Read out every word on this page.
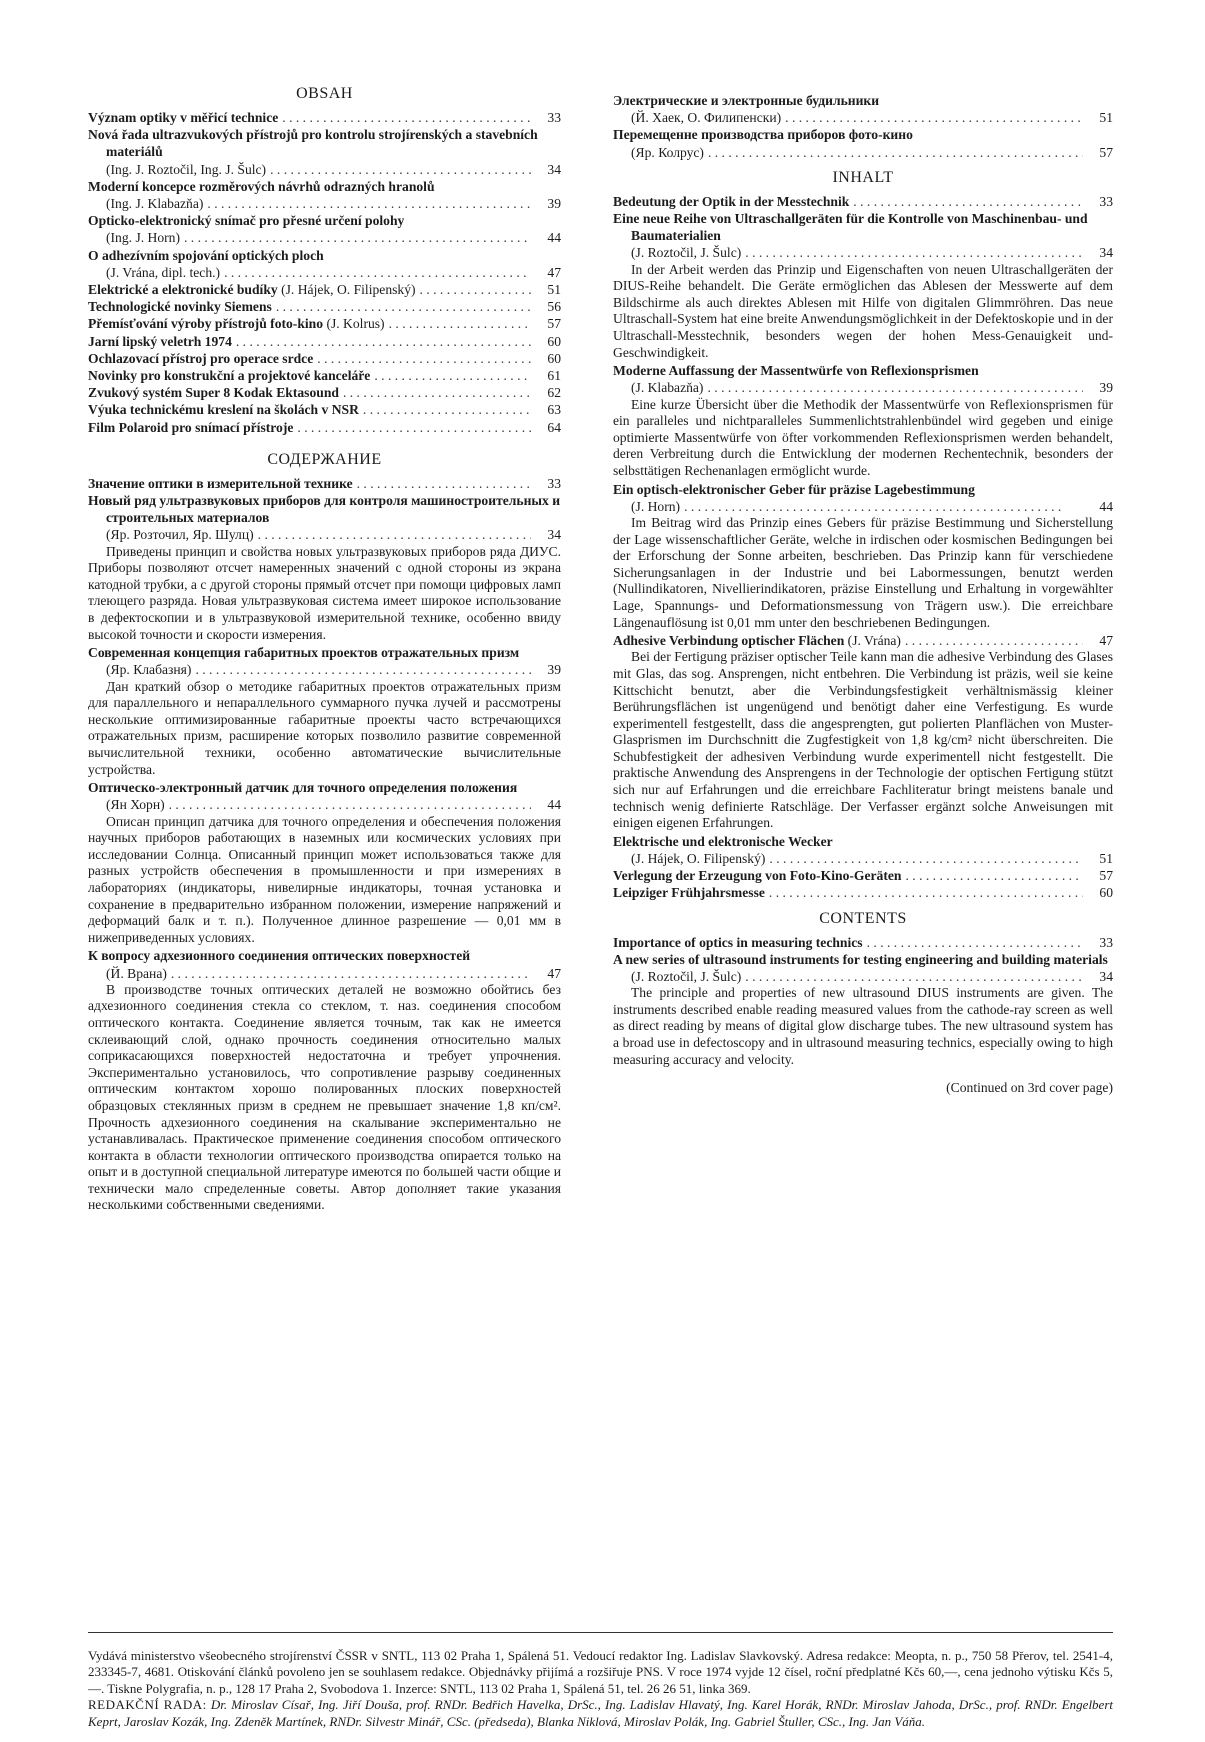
OBSAH
Význam optiky v měřicí technice . . .	33
Nová řada ultrazvukových přístrojů pro kontrolu strojírenských a stavebních materiálů
(Ing. J. Roztočil, Ing. J. Šulc) . . .	34
Moderní koncepce rozměrových návrhů odrazných hranolů
(Ing. J. Klabazňa) . . .	39
Opticko-elektronický snímač pro přesné určení polohy
(Ing. J. Horn) . . .	44
O adhezívním spojování optických ploch
(J. Vrána, dipl. tech.) . . .	47
Elektrické a elektronické budíky (J. Hájek, O. Filipenský) . . .	51
Technologické novinky Siemens . . .	56
Přemísťování výroby přístrojů foto-kino (J. Kolrus) . . .	57
Jarní lipský veletrh 1974 . . .	60
Ochlazovací přístroj pro operace srdce . . .	60
Novinky pro konstrukční a projektové kanceláře . . .	61
Zvukový systém Super 8 Kodak Ektasound . . .	62
Výuka technickému kreslení na školách v NSR . . .	63
Film Polaroid pro snímací přístroje . . .	64
СОДЕРЖАНИЕ
Значение оптики в измерительной технике . . .	33
Новый ряд ультразвуковых приборов для контроля машиностроительных и строительных материалов
(Яр. Розточил, Яр. Шулц) . . .	34

Приведены принцип и свойства новых ультразвуковых приборов ряда ДИУС. Приборы позволяют отсчет намеренных значений с одной стороны из экрана катодной трубки, а с другой стороны прямый отсчет при помощи цифровых ламп тлеющего разряда. Новая ультразвуковая система имеет широкое использование в дефектоскопии и в ультразвуковой измерительной технике, особенно ввиду высокой точности и скорости измерения.

Современная концепция габаритных проектов отражательных призм
(Яр. Клабазня) . . .	39

Дан краткий обзор о методике габаритных проектов отражательных призм для параллельного и непараллельного суммарного пучка лучей и рассмотрены несколькие оптимизированные габаритные проекты часто встречающихся отражательных призм, расширение которых позволило развитие современной вычислительной техники, особенно автоматические вычислительные устройства.

Оптическо-электронный датчик для точного определения положения
(Ян Хорн) . . .	44

Описан принцип датчика для точного определения и обеспечения положения научных приборов работающих в наземных или космических условиях при исследовании Солнца. Описанный принцип может использоваться также для разных устройств обеспечения в промышленности и при измерениях в лабораториях (индикаторы, нивелирные индикаторы, точная установка и сохранение в предварительно избранном положении, измерение напряжений и деформаций балк и т. п.). Полученное длинное разрешение — 0,01 мм в нижеприведенных условиях.

К вопросу адхезионного соединения оптических поверхностей
(Й. Врана) . . .	47

В производстве точных оптических деталей не возможно обойтись без адхезионного соединения стекла со стеклом, т. наз. соединения способом оптического контакта. Соединение является точным, так как не имеется склеивающий слой, однако прочность соединения относительно малых соприкасающихся поверхностей недостаточна и требует упрочнения. Экспериментально установилось, что сопротивление разрыву соединенных оптическим контактом хорошо полированных плоских поверхностей образцовых стеклянных призм в среднем не превышает значение 1,8 кп/см². Прочность адхезионного соединения на скалывание экспериментально не устанавливалась. Практическое применение соединения способом оптического контакта в области технологии оптического производства опирается только на опыт и в доступной специальной литературе имеются по большей части общие и технически мало спределенные советы. Автор дополняет такие указания несколькими собственными сведениями.

Электрические и электронные будильники
(Й. Хаек, О. Филипенски) . . .	51
Перемещенне производства приборов фото-кино
(Яр. Колрус) . . .	57
INHALT
Bedeutung der Optik in der Messtechnik . . .	33
Eine neue Reihe von Ultraschallgeräten für die Kontrolle von Maschinenbau- und Baumaterialien
(J. Roztočil, J. Šulc) . . .	34

In der Arbeit werden das Prinzip und Eigenschaften von neuen Ultraschallgeräten der DIUS-Reihe behandelt. Die Geräte ermöglichen das Ablesen der Messwerte auf dem Bildschirme als auch direktes Ablesen mit Hilfe von digitalen Glimmröhren. Das neue Ultraschall-System hat eine breite Anwendungsmöglichkeit in der Defektoskopie und in der Ultraschall-Messtechnik, besonders wegen der hohen Mess-Genauigkeit und- Geschwindigkeit.

Moderne Auffassung der Massentwürfe von Reflexionsprismen
(J. Klabazňa) . . .	39

Eine kurze Übersicht über die Methodik der Massentwürfe von Reflexionsprismen für ein paralleles und nichtparalleles Summenlichtstrahlenbündel wird gegeben und einige optimierte Massentwürfe von öfter vorkommenden Reflexionsprismen werden behandelt, deren Verbreitung durch die Entwicklung der modernen Rechentechnik, besonders der selbsttätigen Rechenanlagen ermöglicht wurde.

Ein optisch-elektronischer Geber für präzise Lagebestimmung
(J. Horn) . . .	44

Im Beitrag wird das Prinzip eines Gebers für präzise Bestimmung und Sicherstellung der Lage wissenschaftlicher Geräte, welche in irdischen oder kosmischen Bedingungen bei der Erforschung der Sonne arbeiten, beschrieben. Das Prinzip kann für verschiedene Sicherungsanlagen in der Industrie und bei Labormessungen, benutzt werden (Nullindikatoren, Nivellierindikatoren, präzise Einstellung und Erhaltung in vorgewählter Lage, Spannungs- und Deformationsmessung von Trägern usw.). Die erreichbare Längenauflösung ist 0,01 mm unter den beschriebenen Bedingungen.

Adhesive Verbindung optischer Flächen (J. Vrána) . . .	47

Bei der Fertigung präziser optischer Teile kann man die adhesive Verbindung des Glases mit Glas, das sog. Ansprengen, nicht entbehren. Die Verbindung ist präzis, weil sie keine Kittschicht benutzt, aber die Verbindungsfestigkeit verhältnismässig kleiner Berührungsflächen ist ungenügend und benötigt daher eine Verfestigung. Es wurde experimentell festgestellt, dass die angesprengten, gut polierten Planflächen von Muster-Glasprismen im Durchschnitt die Zugfestigkeit von 1,8 kg/cm² nicht überschreiten. Die Schubfestigkeit der adhesiven Verbindung wurde experimentell nicht festgestellt. Die praktische Anwendung des Ansprengens in der Technologie der optischen Fertigung stützt sich nur auf Erfahrungen und die erreichbare Fachliteratur bringt meistens banale und technisch wenig definierte Ratschläge. Der Verfasser ergänzt solche Anweisungen mit einigen eigenen Erfahrungen.

Elektrische und elektronische Wecker
(J. Hájek, O. Filipenský) . . .	51
Verlegung der Erzeugung von Foto-Kino-Geräten . . .	57
Leipziger Frühjahrsmesse . . .	60
CONTENTS
Importance of optics in measuring technics . . .	33
A new series of ultrasound instruments for testing engineering and building materials
(J. Roztočil, J. Šulc) . . .	34

The principle and properties of new ultrasound DIUS instruments are given. The instruments described enable reading measured values from the cathode-ray screen as well as direct reading by means of digital glow discharge tubes. The new ultrasound system has a broad use in defectoscopy and in ultrasound measuring technics, especially owing to high measuring accuracy and velocity.

(Continued on 3rd cover page)

Vydává ministerstvo všeobecného strojírenství ČSSR v SNTL, 113 02 Praha 1, Spálená 51. Vedoucí redaktor Ing. Ladislav Slavkovský. Adresa redakce: Meopta, n. p., 750 58 Přerov, tel. 2541-4, 233345-7, 4681. Otiskování článků povoleno jen se souhlasem redakce. Objednávky přijímá a rozšiřuje PNS. V roce 1974 vyjde 12 čísel, roční předplatné Kčs 60,—, cena jednoho výtisku Kčs 5,—. Tiskne Polygrafia, n. p., 128 17 Praha 2, Svobodova 1. Inzerce: SNTL, 113 02 Praha 1, Spálená 51, tel. 26 26 51, linka 369.

REDAKČNÍ RADA: Dr. Miroslav Císař, Ing. Jiří Douša, prof. RNDr. Bedřich Havelka, DrSc., Ing. Ladislav Hlavatý, Ing. Karel Horák, RNDr. Miroslav Jahoda, DrSc., prof. RNDr. Engelbert Keprt, Jaroslav Kozák, Ing. Zdeněk Martínek, RNDr. Silvestr Minář, CSc. (předseda), Blanka Niklová, Miroslav Polák, Ing. Gabriel Štuller, CSc., Ing. Jan Váňa.
